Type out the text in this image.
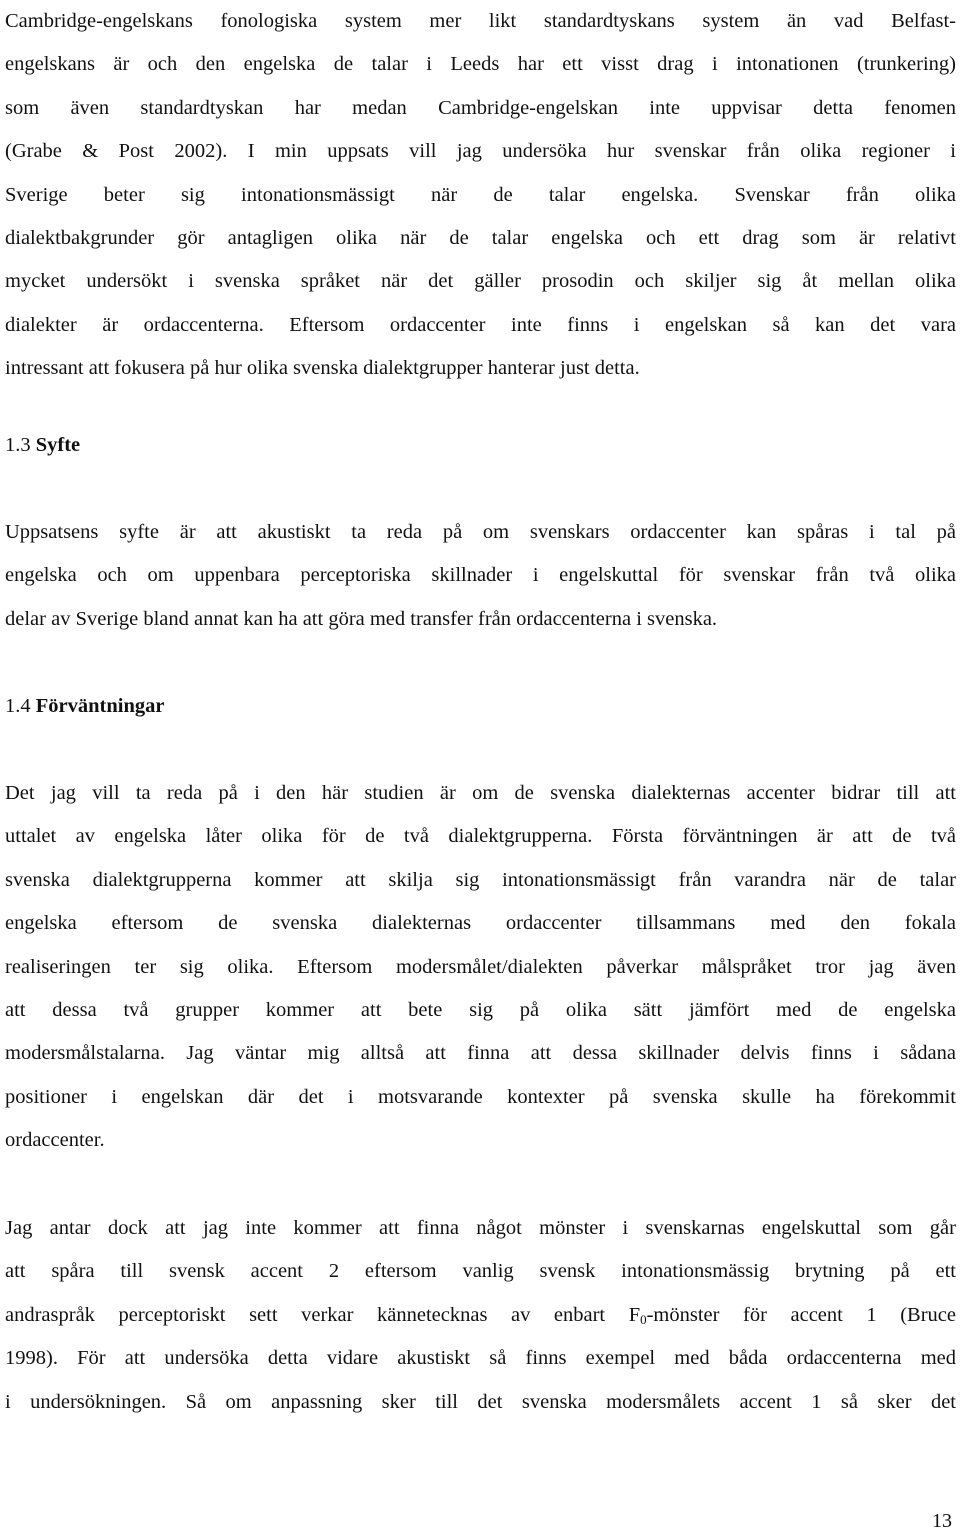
Cambridge-engelskans fonologiska system mer likt standardtyskans system än vad Belfast-
engelskans är och den engelska de talar i Leeds har ett visst drag i intonationen (trunkering)
som även standardtyskan har medan Cambridge-engelskan inte uppvisar detta fenomen
(Grabe & Post 2002). I min uppsats vill jag undersöka hur svenskar från olika regioner i
Sverige beter sig intonationsmässigt när de talar engelska. Svenskar från olika
dialektbakgrunder gör antagligen olika när de talar engelska och ett drag som är relativt
mycket undersökt i svenska språket när det gäller prosodin och skiljer sig åt mellan olika
dialekter är ordaccenterna. Eftersom ordaccenter inte finns i engelskan så kan det vara
intressant att fokusera på hur olika svenska dialektgrupper hanterar just detta.

1.3 Syfte

Uppsatsens syfte är att akustiskt ta reda på om svenskars ordaccenter kan spåras i tal på
engelska och om uppenbara perceptoriska skillnader i engelskuttal för svenskar från två olika
delar av Sverige bland annat kan ha att göra med transfer från ordaccenterna i svenska.

1.4 Förväntningar

Det jag vill ta reda på i den här studien är om de svenska dialekternas accenter bidrar till att
uttalet av engelska låter olika för de två dialektgrupperna. Första förväntningen är att de två
svenska dialektgrupperna kommer att skilja sig intonationsmässigt från varandra när de talar
engelska eftersom de svenska dialekternas ordaccenter tillsammans med den fokala
realiseringen ter sig olika. Eftersom modersmålet/dialekten påverkar målspråket tror jag även
att dessa två grupper kommer att bete sig på olika sätt jämfört med de engelska
modersmålstalarna. Jag väntar mig alltså att finna att dessa skillnader delvis finns i sådana
positioner i engelskan där det i motsvarande kontexter på svenska skulle ha förekommit
ordaccenter.

Jag antar dock att jag inte kommer att finna något mönster i svenskarnas engelskuttal som går
att spåra till svensk accent 2 eftersom vanlig svensk intonationsmässig brytning på ett
andraspråk perceptoriskt sett verkar kännetecknas av enbart $F_0$-mönster för accent 1 (Bruce
1998). För att undersöka detta vidare akustiskt så finns exempel med båda ordaccenterna med
i undersökningen. Så om anpassning sker till det svenska modersmålets accent 1 så sker det

13
